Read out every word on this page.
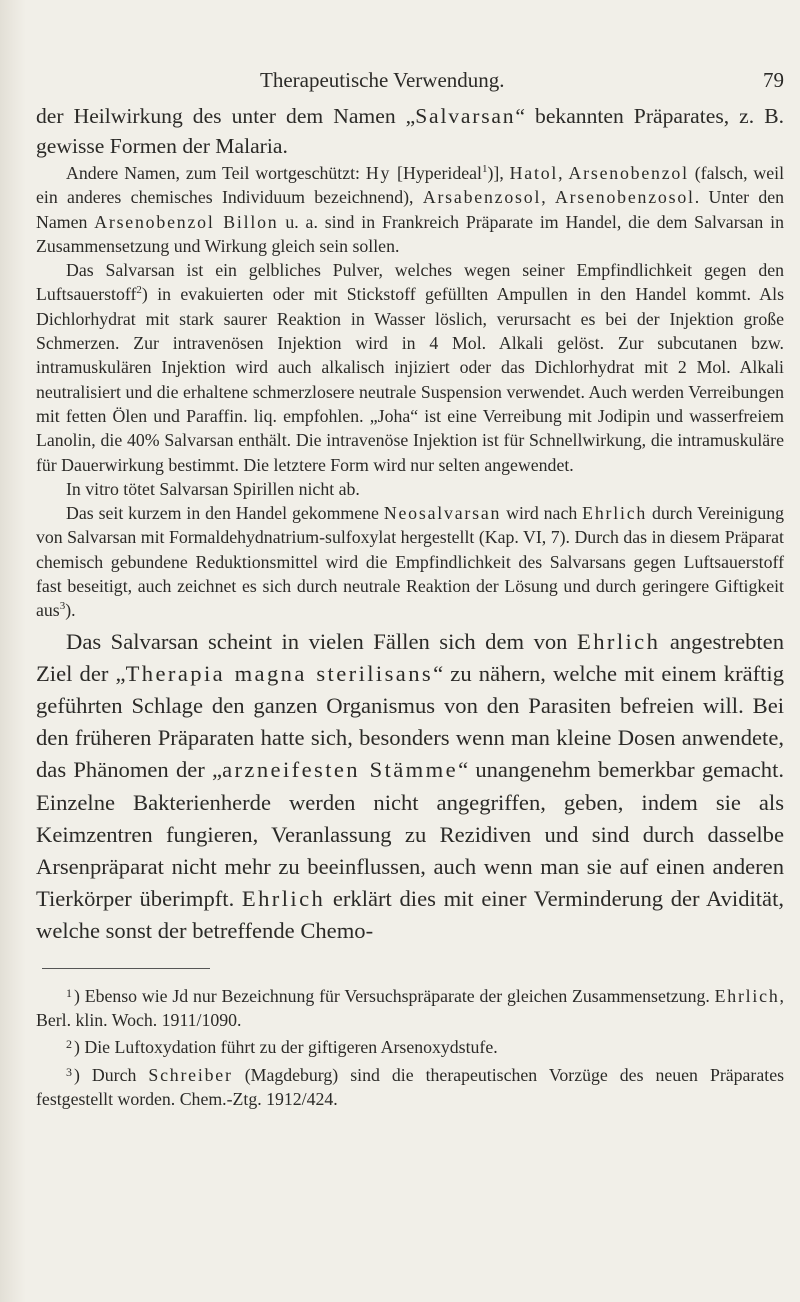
Therapeutische Verwendung.	79

der Heilwirkung des unter dem Namen „Salvarsan“ bekannten Präparates, z. B. gewisse Formen der Malaria.

Andere Namen, zum Teil wortgeschützt: Hy [Hyperideal$^1$)], Hatol, Arsenobenzol (falsch, weil ein anderes chemisches Individuum bezeichnend), Arsabenzosol, Arsenobenzosol. Unter den Namen Arsenobenzol Billon u. a. sind in Frankreich Präparate im Handel, die dem Salvarsan in Zusammensetzung und Wirkung gleich sein sollen.

Das Salvarsan ist ein gelbliches Pulver, welches wegen seiner Empfindlichkeit gegen den Luftsauerstoff$^2$) in evakuierten oder mit Stickstoff gefüllten Ampullen in den Handel kommt. Als Dichlorhydrat mit stark saurer Reaktion in Wasser löslich, verursacht es bei der Injektion große Schmerzen. Zur intravenösen Injektion wird in 4 Mol. Alkali gelöst. Zur subcutanen bzw. intramuskulären Injektion wird auch alkalisch injiziert oder das Dichlorhydrat mit 2 Mol. Alkali neutralisiert und die erhaltene schmerzlosere neutrale Suspension verwendet. Auch werden Verreibungen mit fetten Ölen und Paraffin. liq. empfohlen. „Joha“ ist eine Verreibung mit Jodipin und wasserfreiem Lanolin, die 40% Salvarsan enthält. Die intravenöse Injektion ist für Schnellwirkung, die intramuskuläre für Dauerwirkung bestimmt. Die letztere Form wird nur selten angewendet.

In vitro tötet Salvarsan Spirillen nicht ab.

Das seit kurzem in den Handel gekommene Neosalvarsan wird nach Ehrlich durch Vereinigung von Salvarsan mit Formaldehydnatrium-sulfoxylat hergestellt (Kap. VI, 7). Durch das in diesem Präparat chemisch gebundene Reduktionsmittel wird die Empfindlichkeit des Salvarsans gegen Luftsauerstoff fast beseitigt, auch zeichnet es sich durch neutrale Reaktion der Lösung und durch geringere Giftigkeit aus$^3$).

Das Salvarsan scheint in vielen Fällen sich dem von Ehrlich angestrebten Ziel der „Therapia magna sterilisans“ zu nähern, welche mit einem kräftig geführten Schlage den ganzen Organismus von den Parasiten befreien will. Bei den früheren Präparaten hatte sich, besonders wenn man kleine Dosen anwendete, das Phänomen der „arzneifesten Stämme“ unangenehm bemerkbar gemacht. Einzelne Bakterienherde werden nicht angegriffen, geben, indem sie als Keimzentren fungieren, Veranlassung zu Rezidiven und sind durch dasselbe Arsenpräparat nicht mehr zu beeinflussen, auch wenn man sie auf einen anderen Tierkörper überimpft. Ehrlich erklärt dies mit einer Verminderung der Avidität, welche sonst der betreffende Chemo-

$^1$ ) Ebenso wie Jd nur Bezeichnung für Versuchspräparate der gleichen Zusammensetzung. Ehrlich, Berl. klin. Woch. 1911/1090.

$^2$ ) Die Luftoxydation führt zu der giftigeren Arsenoxydstufe.

$^3$ ) Durch Schreiber (Magdeburg) sind die therapeutischen Vorzüge des neuen Präparates festgestellt worden. Chem.-Ztg. 1912/424.
